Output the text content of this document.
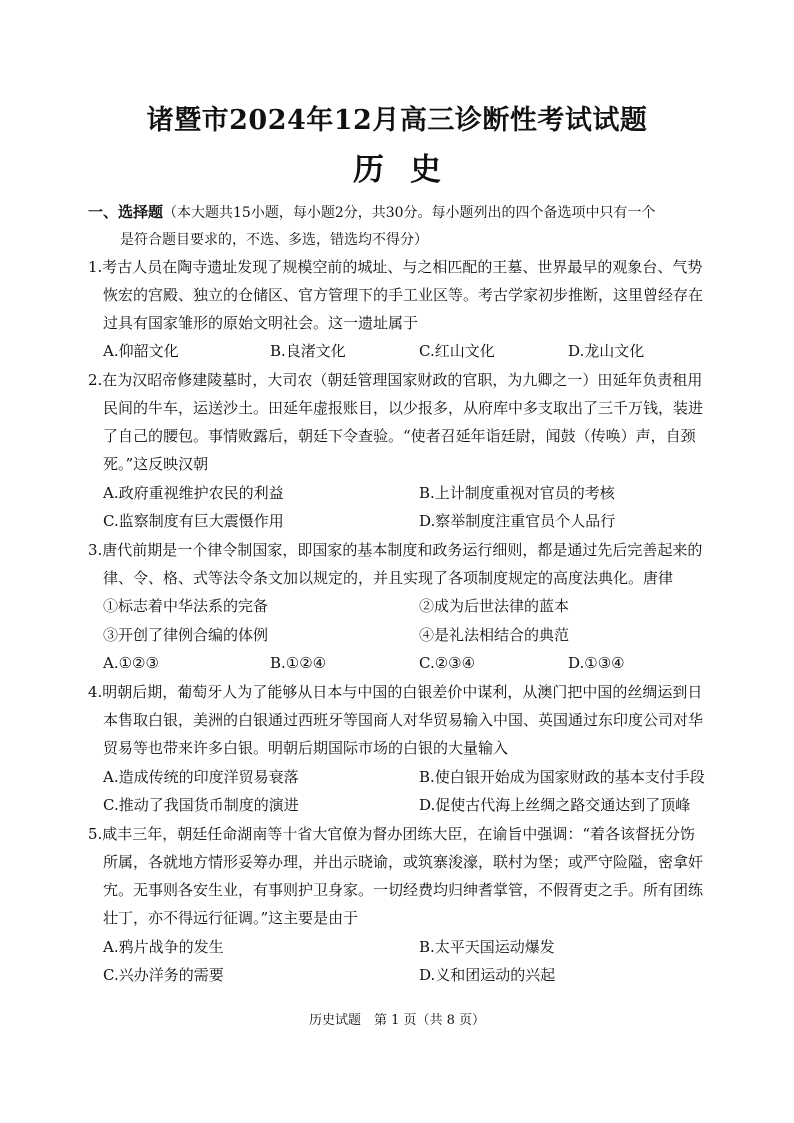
诸暨市2024年12月高三诊断性考试试题
历史
一、选择题（本大题共15小题，每小题2分，共30分。每小题列出的四个备选项中只有一个
是符合题目要求的，不选、多选，错选均不得分）
1.考古人员在陶寺遗址发现了规模空前的城址、与之相匹配的王墓、世界最早的观象台、气势
恢宏的宫殿、独立的仓储区、官方管理下的手工业区等。考古学家初步推断，这里曾经存在
过具有国家雏形的原始文明社会。这一遗址属于
A.仰韶文化	B.良渚文化	C.红山文化	D.龙山文化
2.在为汉昭帝修建陵墓时，大司农（朝廷管理国家财政的官职，为九卿之一）田延年负责租用
民间的牛车，运送沙土。田延年虚报账目，以少报多，从府库中多支取出了三千万钱，装进
了自己的腰包。事情败露后，朝廷下令查验。“使者召延年诣廷尉，闻鼓（传唤）声，自颈
死。”这反映汉朝
A.政府重视维护农民的利益	B.上计制度重视对官员的考核
C.监察制度有巨大震慑作用	D.察举制度注重官员个人品行
3.唐代前期是一个律令制国家，即国家的基本制度和政务运行细则，都是通过先后完善起来的
律、令、格、式等法令条文加以规定的，并且实现了各项制度规定的高度法典化。唐律
①标志着中华法系的完备	②成为后世法律的蓝本
③开创了律例合编的体例	④是礼法相结合的典范
A.①②③	B.①②④	C.②③④	D.①③④
4.明朝后期，葡萄牙人为了能够从日本与中国的白银差价中谋利，从澳门把中国的丝绸运到日
本售取白银，美洲的白银通过西班牙等国商人对华贸易输入中国、英国通过东印度公司对华
贸易等也带来许多白银。明朝后期国际市场的白银的大量输入
A.造成传统的印度洋贸易衰落	B.使白银开始成为国家财政的基本支付手段
C.推动了我国货币制度的演进	D.促使古代海上丝绸之路交通达到了顶峰
5.咸丰三年，朝廷任命湖南等十省大官僚为督办团练大臣，在谕旨中强调：“着各该督抚分饬
所属，各就地方情形妥筹办理，并出示晓谕，或筑寨浚濠，联村为堡；或严守险隘，密拿奸
宄。无事则各安生业，有事则护卫身家。一切经费均归绅耆掌管，不假胥吏之手。所有团练
壮丁，亦不得远行征调。”这主要是由于
A.鸦片战争的发生	B.太平天国运动爆发
C.兴办洋务的需要	D.义和团运动的兴起
历史试题　第 1 页（共 8 页）
